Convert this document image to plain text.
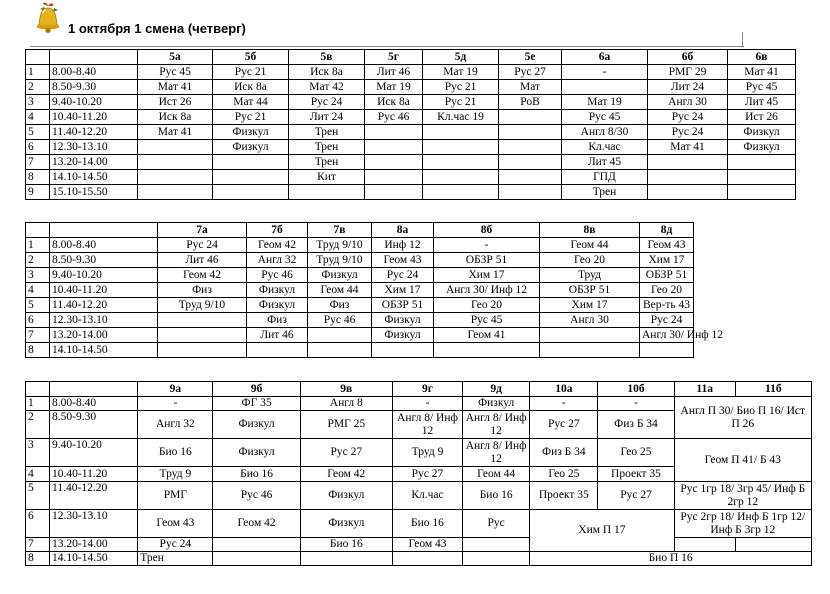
1 октября 1 смена (четверг)
		5а	5б	5в	5г	5д	5е	6а	6б	6в
1	8.00-8.40	Рус 45	Рус 21	Иск 8а	Лит 46	Мат 19	Рус 27	-	РМГ 29	Мат 41
2	8.50-9.30	Мат 41	Иск 8а	Мат 42	Мат 19	Рус 21	Мат		Лит 24	Рус 45
3	9.40-10.20	Ист 26	Мат 44	Рус 24	Иск 8а	Рус 21	РоВ	Мат 19	Англ 30	Лит 45
4	10.40-11.20	Иск 8а	Рус 21	Лит 24	Рус 46	Кл.час 19		Рус 45	Рус 24	Ист 26
5	11.40-12.20	Мат 41	Физкул	Трен				Англ 8/30	Рус 24	Физкул
6	12.30-13.10		Физкул	Трен				Кл.час	Мат 41	Физкул
7	13.20-14.00			Трен				Лит 45		
8	14.10-14.50			Кит				ГПД		
9	15.10-15.50							Трен		
		7а	7б	7в	8а	8б	8в	8д
1	8.00-8.40	Рус 24	Геом 42	Труд 9/10	Инф 12	-	Геом 44	Геом 43
2	8.50-9.30	Лит 46	Англ 32	Труд 9/10	Геом 43	ОБЗР 51	Гео 20	Хим 17
3	9.40-10.20	Геом 42	Рус 46	Физкул	Рус 24	Хим 17	Труд	ОБЗР 51
4	10.40-11.20	Физ	Физкул	Геом 44	Хим 17	Англ 30/ Инф 12	ОБЗР 51	Гео 20
5	11.40-12.20	Труд 9/10	Физкул	Физ	ОБЗР 51	Гео 20	Хим 17	Вер-ть 43
6	12.30-13.10		Физ	Рус 46	Физкул	Рус 45	Англ 30	Рус 24
7	13.20-14.00		Лит 46		Физкул	Геом 41		Англ 30/ Инф 12
8	14.10-14.50							
		9а	9б	9в	9г	9д	10а	10б	11а	11б
1	8.00-8.40	-	ФГ 35	Англ 8	-	Физкул	-	-	Англ П 30/ Био П 16/ Ист П 26	
2	8.50-9.30	Англ 32	Физкул	РМГ 25	Англ 8/ Инф 12	Англ 8/ Инф 12	Рус 27	Физ Б 34		
3	9.40-10.20	Био 16	Физкул	Рус 27	Труд 9	Англ 8/ Инф 12	Физ Б 34	Гео 25	Геом П 41/ Б 43	
4	10.40-11.20	Труд 9	Био 16	Геом 42	Рус 27	Геом 44	Гео 25	Проект 35		
5	11.40-12.20	РМГ	Рус 46	Физкул	Кл.час	Био 16	Проект 35	Рус 27	Рус 1гр 18/ 3гр 45/ Инф Б 2гр 12	
6	12.30-13.10	Геом 43	Геом 42	Физкул	Био 16	Рус	Хим П 17		Рус 2гр 18/ Инф Б 1гр 12/ Инф Б 3гр 12	
7	13.20-14.00	Рус 24		Био 16	Геом 43					
8	14.10-14.50	Трен					Био П 16			
